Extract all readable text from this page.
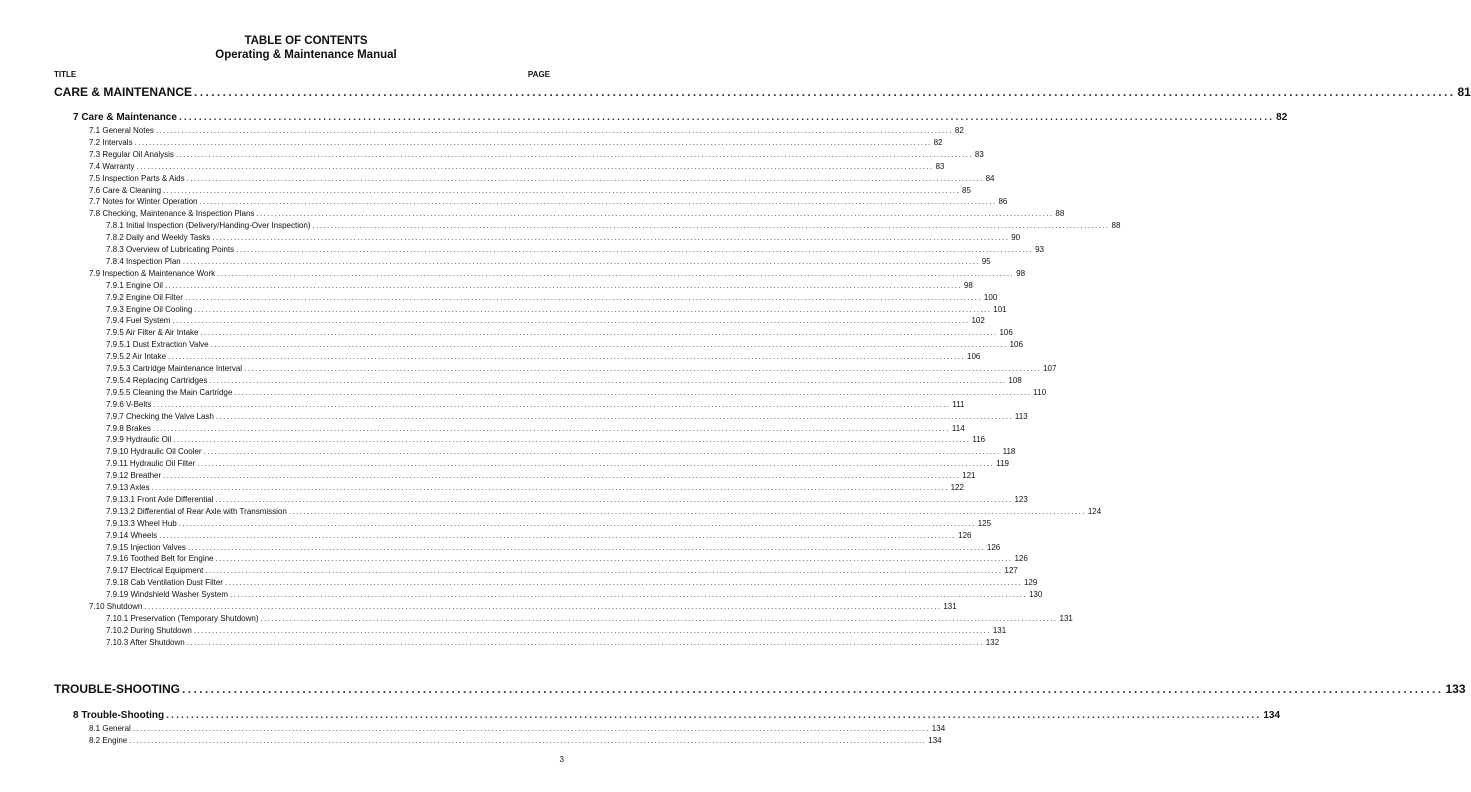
TABLE OF CONTENTS
Operating & Maintenance Manual
TITLE	PAGE
CARE & MAINTENANCE ............................................................................................................................................................................................................................ 81
7 Care & Maintenance ............................................................................................................................................................................................................................ 82
7.1 General Notes ............................................................................................................................................................................................................................ 82
7.2 Intervals ............................................................................................................................................................................................................................ 82
7.3 Regular Oil Analysis ............................................................................................................................................................................................................................ 83
7.4 Warranty ............................................................................................................................................................................................................................ 83
7.5 Inspection Parts & Aids ............................................................................................................................................................................................................................ 84
7.6 Care & Cleaning ............................................................................................................................................................................................................................ 85
7.7 Notes for Winter Operation ............................................................................................................................................................................................................................ 86
7.8 Checking, Maintenance & Inspection Plans ............................................................................................................................................................................................................................ 88
7.8.1 Initial Inspection (Delivery/Handing-Over Inspection) ............................................................................................................................................................................................................................ 88
7.8.2 Daily and Weekly Tasks ............................................................................................................................................................................................................................ 90
7.8.3 Overview of Lubricating Points ............................................................................................................................................................................................................................ 93
7.8.4 Inspection Plan ............................................................................................................................................................................................................................ 95
7.9 Inspection & Maintenance Work ............................................................................................................................................................................................................................ 98
7.9.1 Engine Oil ............................................................................................................................................................................................................................ 98
7.9.2 Engine Oil Filter ............................................................................................................................................................................................................................ 100
7.9.3 Engine Oil Cooling ............................................................................................................................................................................................................................ 101
7.9.4 Fuel System ............................................................................................................................................................................................................................ 102
7.9.5 Air Filter & Air Intake ............................................................................................................................................................................................................................ 106
7.9.5.1 Dust Extraction Valve ............................................................................................................................................................................................................................ 106
7.9.5.2 Air Intake ............................................................................................................................................................................................................................ 106
7.9.5.3 Cartridge Maintenance Interval ............................................................................................................................................................................................................................ 107
7.9.5.4 Replacing Cartridges ............................................................................................................................................................................................................................ 108
7.9.5.5 Cleaning the Main Cartridge ............................................................................................................................................................................................................................ 110
7.9.6 V-Belts ............................................................................................................................................................................................................................ 111
7.9.7 Checking the Valve Lash ............................................................................................................................................................................................................................ 113
7.9.8 Brakes ............................................................................................................................................................................................................................ 114
7.9.9 Hydraulic Oil ............................................................................................................................................................................................................................ 116
7.9.10 Hydraulic Oil Cooler ............................................................................................................................................................................................................................ 118
7.9.11 Hydraulic Oil Filter ............................................................................................................................................................................................................................ 119
7.9.12 Breather ............................................................................................................................................................................................................................ 121
7.9.13 Axles ............................................................................................................................................................................................................................ 122
7.9.13.1 Front Axle Differential ............................................................................................................................................................................................................................ 123
7.9.13.2 Differential of Rear Axle with Transmission ............................................................................................................................................................................................................................ 124
7.9.13.3 Wheel Hub ............................................................................................................................................................................................................................ 125
7.9.14 Wheels ............................................................................................................................................................................................................................ 126
7.9.15 Injection Valves ............................................................................................................................................................................................................................ 126
7.9.16 Toothed Belt for Engine ............................................................................................................................................................................................................................ 126
7.9.17 Electrical Equipment ............................................................................................................................................................................................................................ 127
7.9.18 Cab Ventilation Dust Filter ............................................................................................................................................................................................................................ 129
7.9.19 Windshield Washer System ............................................................................................................................................................................................................................ 130
7.10 Shutdown ............................................................................................................................................................................................................................ 131
7.10.1 Preservation (Temporary Shutdown) ............................................................................................................................................................................................................................ 131
7.10.2 During Shutdown ............................................................................................................................................................................................................................ 131
7.10.3 After Shutdown ............................................................................................................................................................................................................................ 132
TROUBLE-SHOOTING ............................................................................................................................................................................................................................ 133
8 Trouble-Shooting ............................................................................................................................................................................................................................ 134
8.1 General ............................................................................................................................................................................................................................ 134
8.2 Engine ............................................................................................................................................................................................................................ 134
3
